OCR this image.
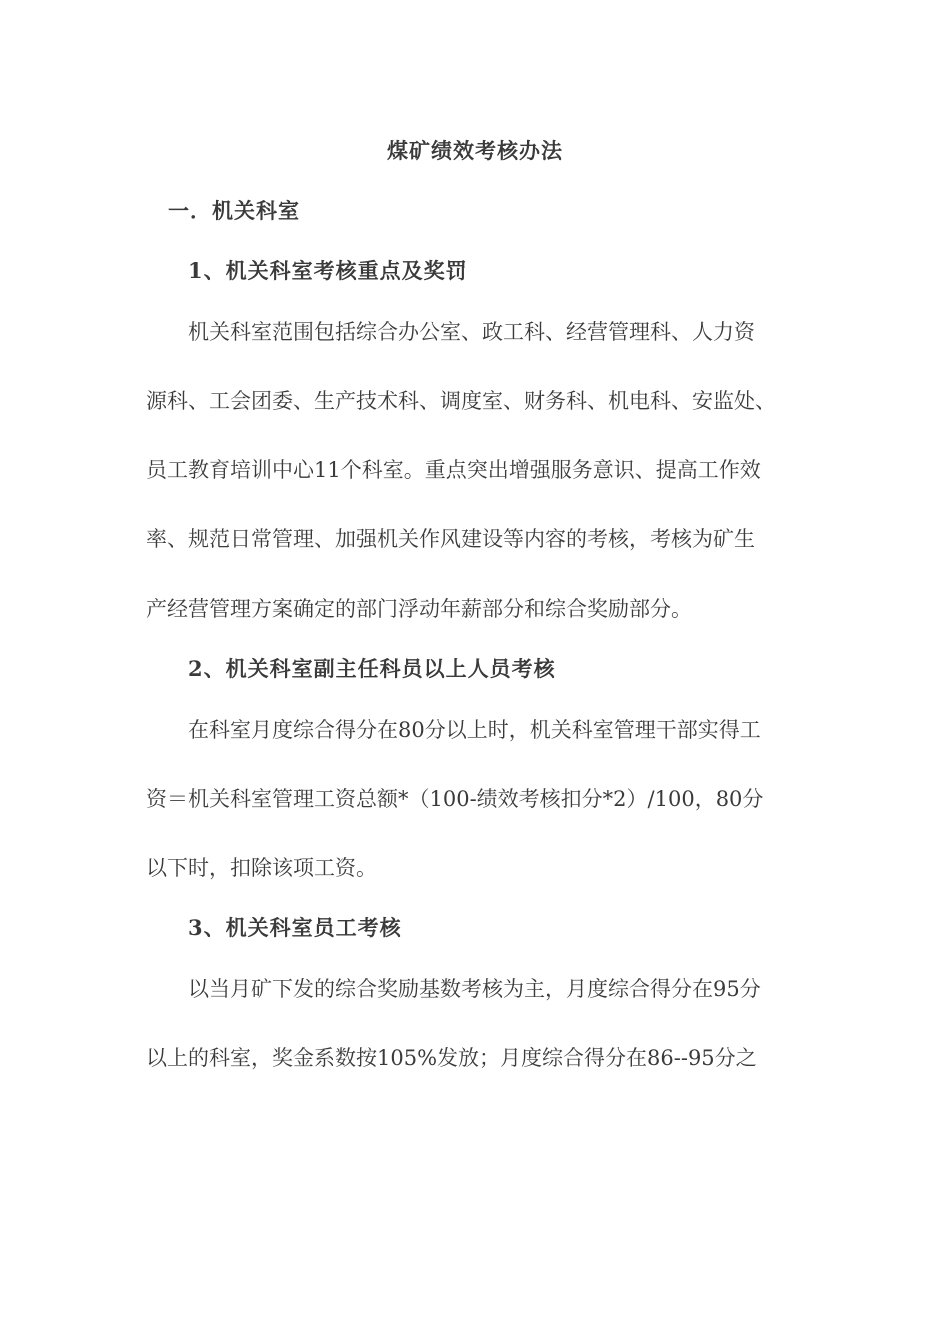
煤矿绩效考核办法
一．机关科室
1、机关科室考核重点及奖罚
机关科室范围包括综合办公室、政工科、经营管理科、人力资
源科、工会团委、生产技术科、调度室、财务科、机电科、安监处、
员工教育培训中心11个科室。重点突出增强服务意识、提高工作效
率、规范日常管理、加强机关作风建设等内容的考核，考核为矿生
产经营管理方案确定的部门浮动年薪部分和综合奖励部分。
2、机关科室副主任科员以上人员考核
在科室月度综合得分在80分以上时，机关科室管理干部实得工
资＝机关科室管理工资总额*（100-绩效考核扣分*2）/100，80分
以下时，扣除该项工资。
3、机关科室员工考核
以当月矿下发的综合奖励基数考核为主，月度综合得分在95分
以上的科室，奖金系数按105%发放；月度综合得分在86--95分之
